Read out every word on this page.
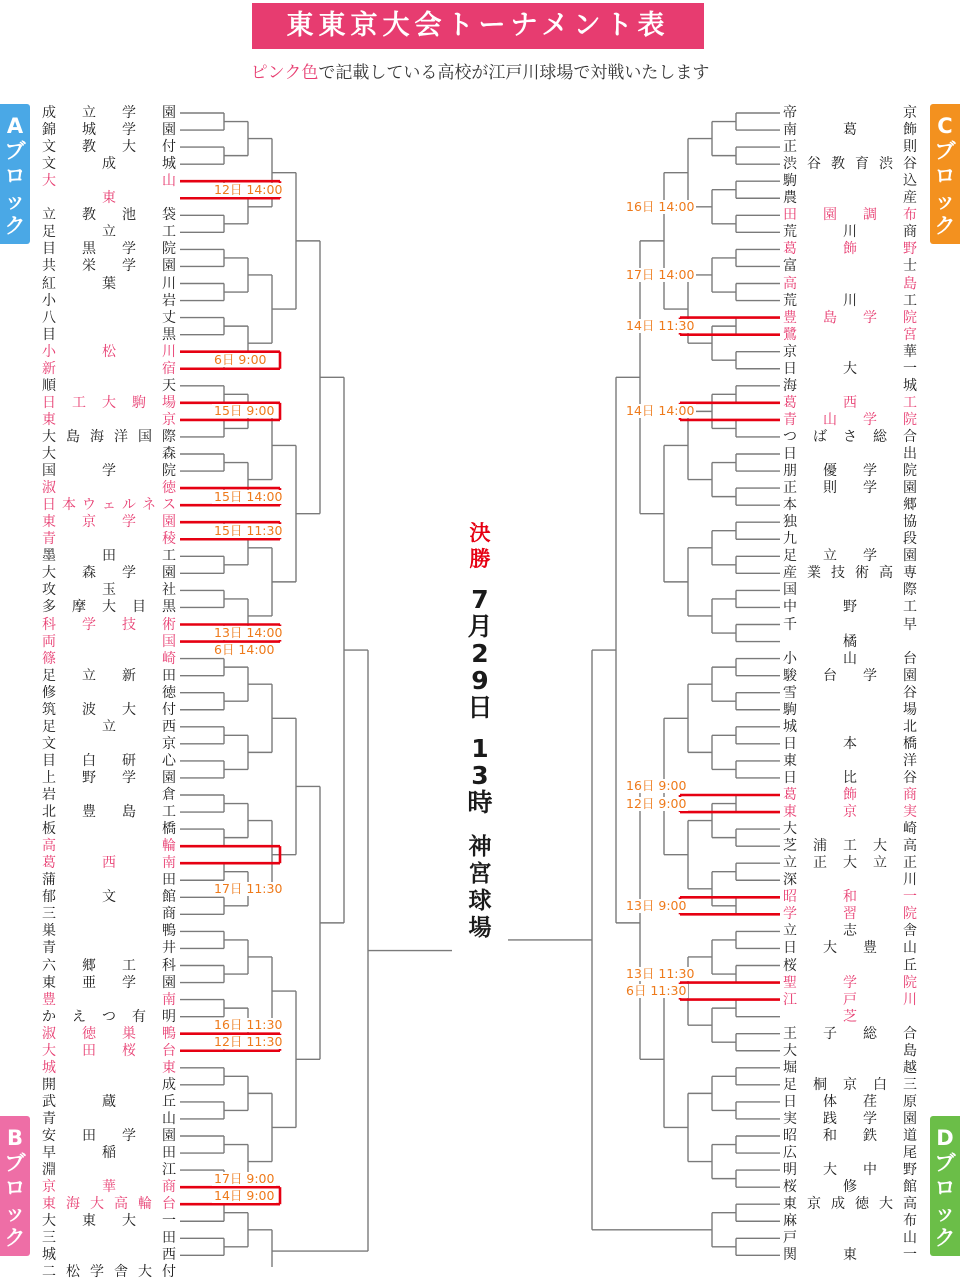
東東京大会トーナメント表
ピンク色で記載している高校が江戸川球場で対戦いたします
A
ブ
ロ
ッ
ク
B
ブ
ロ
ッ
ク
C
ブ
ロ
ッ
ク
D
ブ
ロ
ッ
ク
成 立 学 園
錦 城 学 園
文 教 大 付
文	成	城
大	山
東
立 教 池 袋
足	立	工
目 黒 学 院
共 栄 学 園
紅	葉	川
小	岩
八	丈
目	黒
小	松	川
新	宿
順	天
日 工 大 駒 場
東	京
大 島 海 洋 国 際
大	森
国	学	院
淑	徳
日 本 ウ ェ ル ネ ス
東 京 学 園
青	稜
墨	田	工
大 森 学 園
攻	玉	社
多 摩 大 目 黒
科 学 技 術
両	国
篠	崎
足 立 新 田
修	徳
筑 波 大 付
足	立	西
文	京
目 白 研 心
上 野 学 園
岩	倉
北 豊 島 工
板	橋
高	輪
葛	西	南
蒲	田
郁	文	館
三	商
巣	鴨
青	井
六 郷 工 科
東 亜 学 園
豊	南
か え つ 有 明
淑 徳 巣 鴨
大 田 桜 台
城	東
開	成
武	蔵	丘
青	山
安 田 学 園
早	稲	田
淵	江
京	華	商
東 海 大 高 輪 台
大 東 大 一
三	田
城	西
二 松 学 舎 大 付
帝	京
南	葛	飾
正	則
渋 谷 教 育 渋 谷
駒	込
農	産
田 園 調 布
荒	川	商
葛	飾	野
富	士
高	島
荒	川	工
豊 島 学 院
鷺	宮
京	華
日	大	一
海	城
葛	西	工
青 山 学 院
つ ば さ 総 合
日	出
朋 優 学 院
正 則 学 園
本	郷
独	協
九	段
足 立 学 園
産 業 技 術 高 専
国	際
中	野	工
千	早
橘
小	山	台
駿 台 学 園
雪	谷
駒	場
城	北
日	本	橋
東	洋
日	比	谷
葛	飾	商
東	京	実
大	崎
芝 浦 工 大 高
立 正 大 立 正
深	川
昭	和	一
学	習	院
立	志	舎
日 大 豊 山
桜	丘
聖	学	院
江	戸	川
芝
王 子 総 合
大	島
堀	越
足 桐 京 白 三
日 体 荏 原
実 践 学 園
昭 和 鉄 道
広	尾
明 大 中 野
桜	修	館
東 京 成 徳 大 高
麻	布
戸	山
関	東	一
12日 14:00
6日 9:00
15日 9:00
15日 14:00
15日 11:30
13日 14:00
6日 14:00
17日 11:30
16日 11:30
12日 11:30
17日 9:00
14日 9:00
16日 14:00
17日 14:00
14日 11:30
14日 14:00
16日 9:00
12日 9:00
13日 9:00
13日 11:30
6日 11:30
決
勝
7
月
2
9
日
1
3
時
神
宮
球
場
